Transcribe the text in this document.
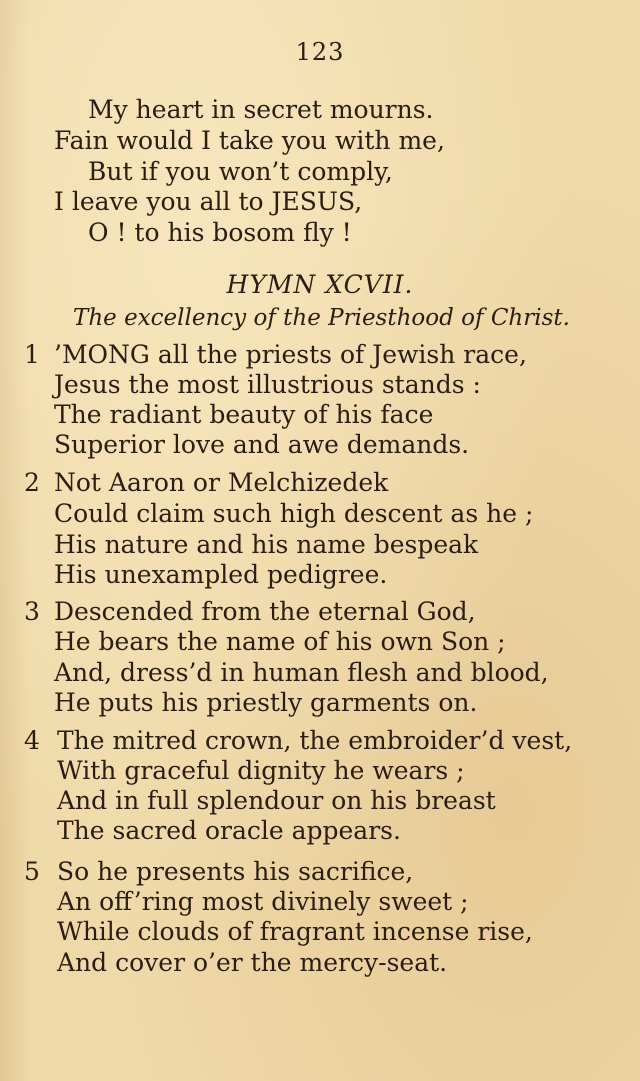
123
My heart in secret mourns.
Fain would I take you with me,
But if you won’t comply,
I leave you all to JESUS,
O ! to his bosom fly !
HYMN XCVII.
The excellency of the Priesthood of Christ.
1 ’MONG all the priests of Jewish race,
Jesus the most illustrious stands :
The radiant beauty of his face
Superior love and awe demands.
2 Not Aaron or Melchizedek
Could claim such high descent as he ;
His nature and his name bespeak
His unexampled pedigree.
3 Descended from the eternal God,
He bears the name of his own Son ;
And, dress’d in human flesh and blood,
He puts his priestly garments on.
4 The mitred crown, the embroider’d vest,
With graceful dignity he wears ;
And in full splendour on his breast
The sacred oracle appears.
5 So he presents his sacrifice,
An off’ring most divinely sweet ;
While clouds of fragrant incense rise,
And cover o’er the mercy-seat.
